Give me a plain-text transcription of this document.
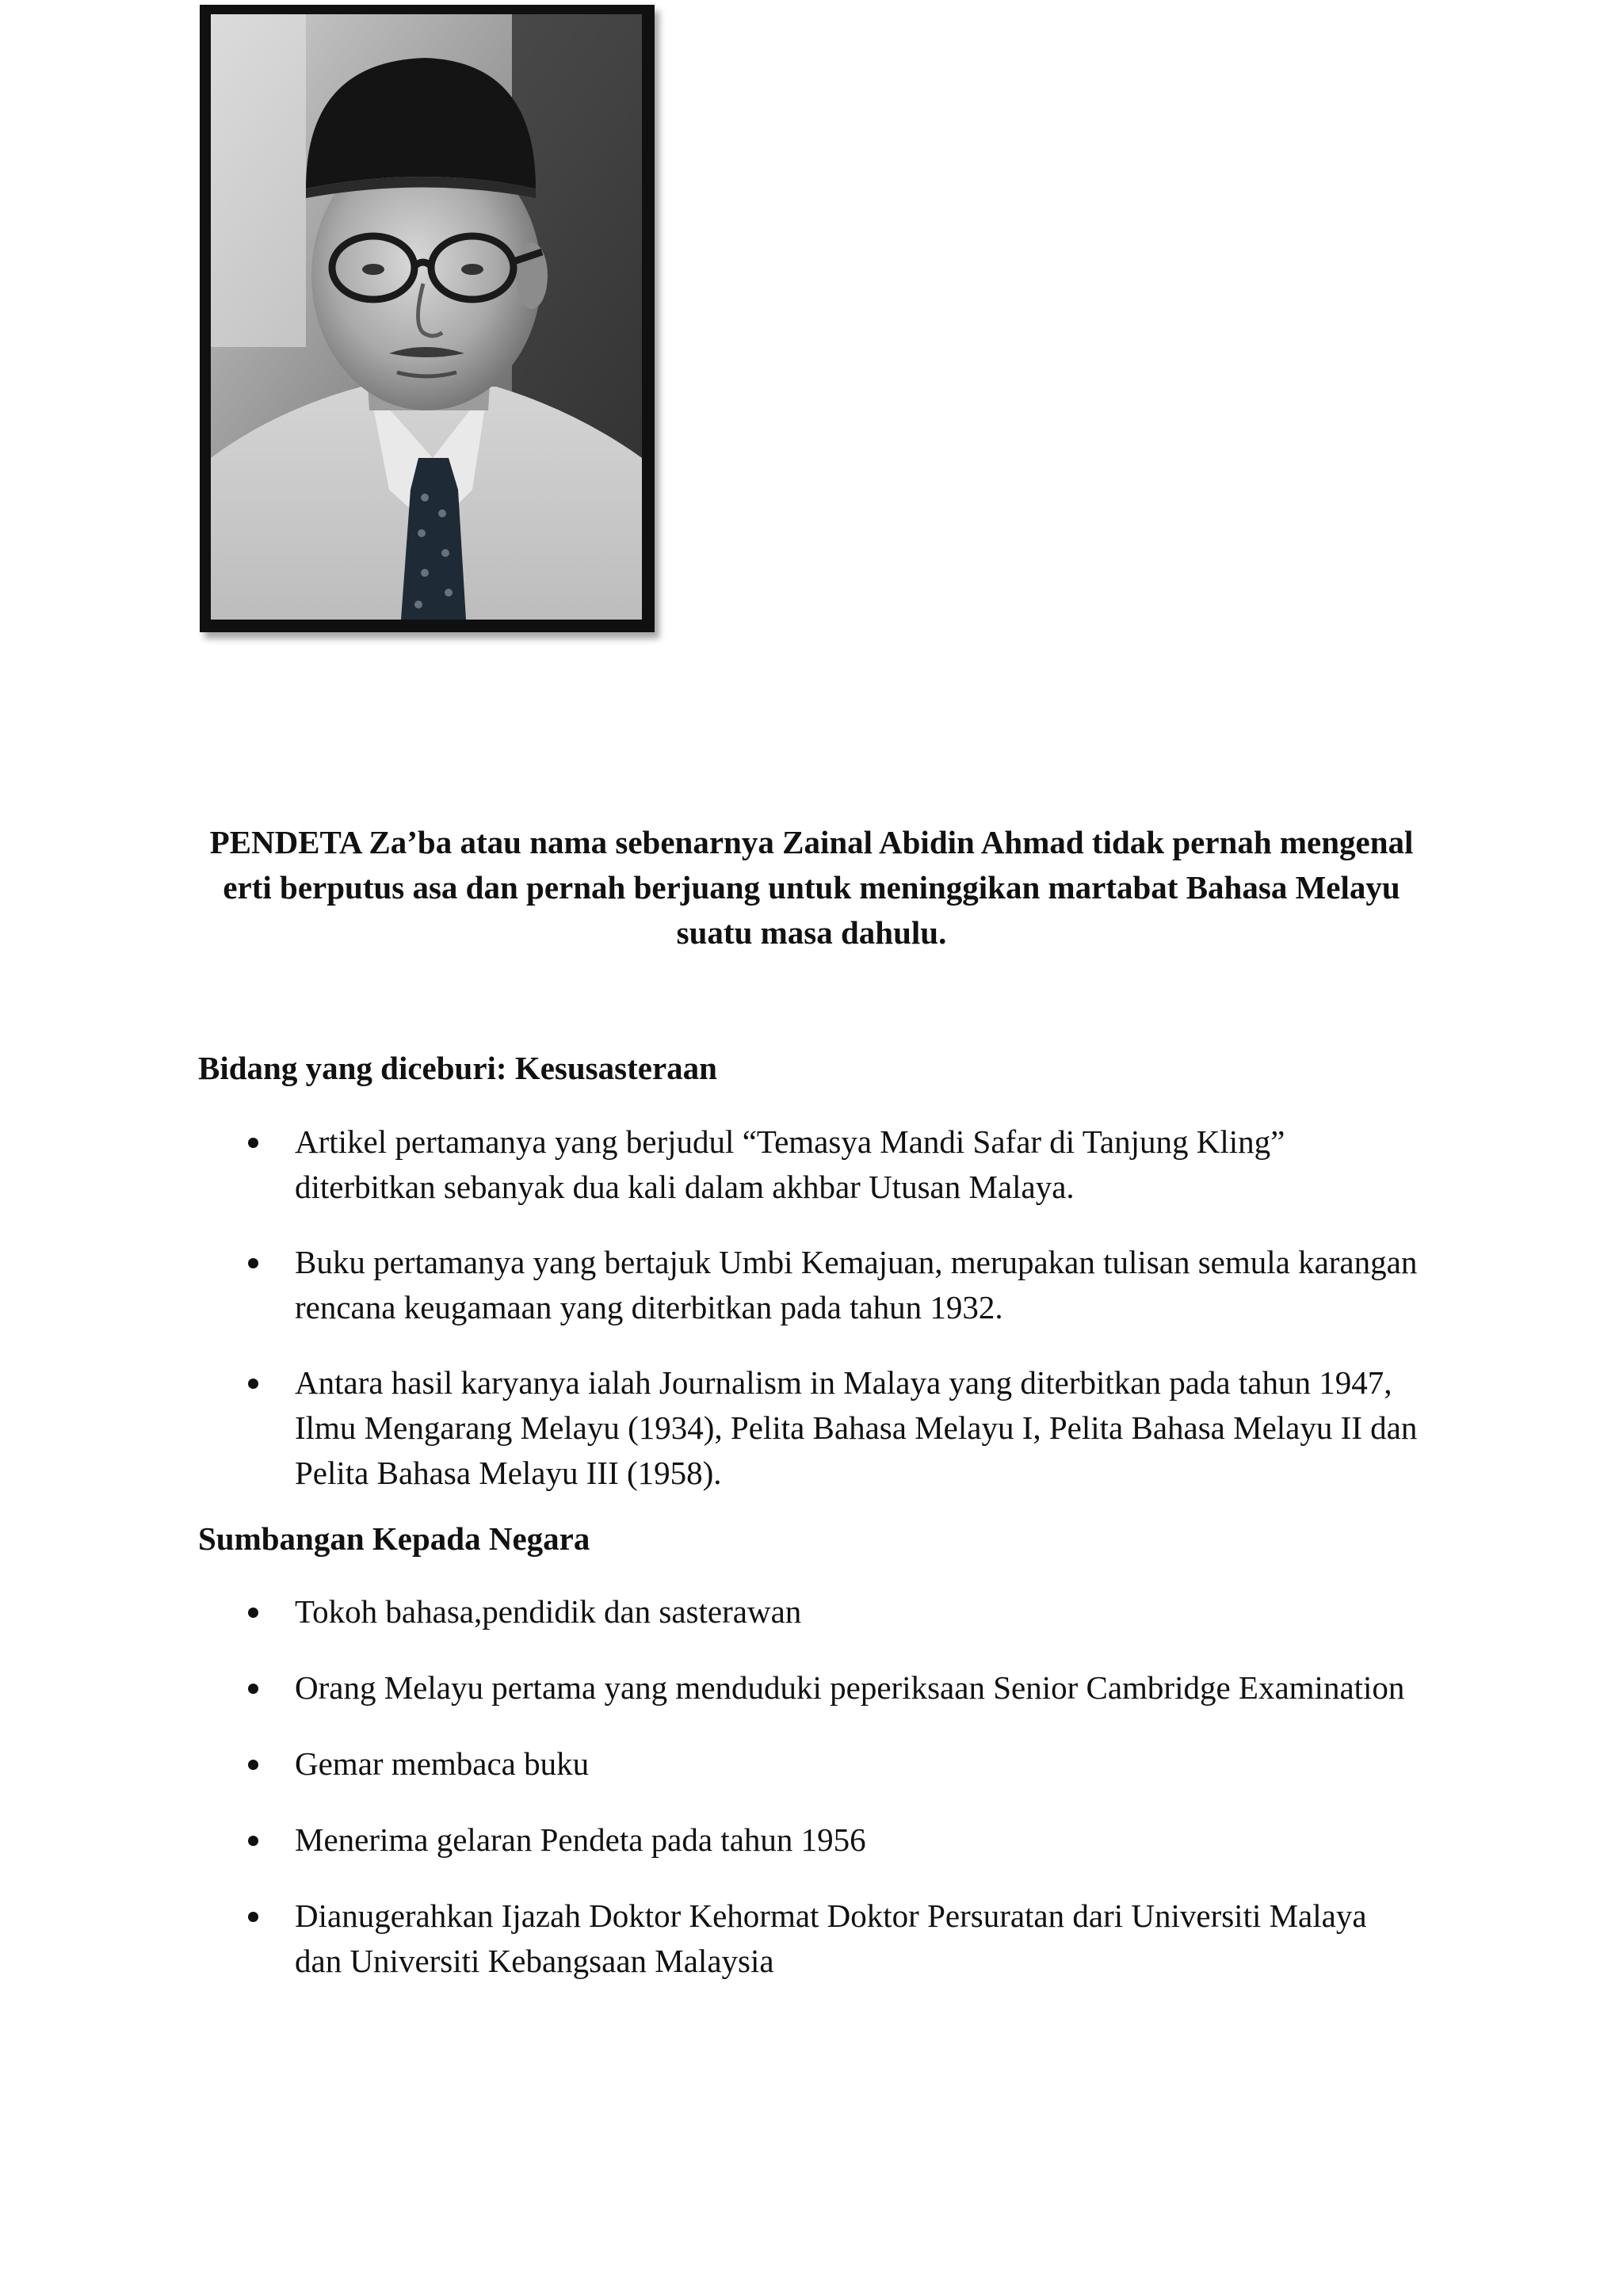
PENDETA Za’ba atau nama sebenarnya Zainal Abidin Ahmad tidak pernah mengenal

erti berputus asa dan pernah berjuang untuk meninggikan martabat Bahasa Melayu

suatu masa dahulu.

Bidang yang diceburi: Kesusasteraan
Artikel pertamanya yang berjudul “Temasya Mandi Safar di Tanjung Kling”
diterbitkan sebanyak dua kali dalam akhbar Utusan Malaya.
Buku pertamanya yang bertajuk Umbi Kemajuan, merupakan tulisan semula karangan
rencana keugamaan yang diterbitkan pada tahun 1932.
Antara hasil karyanya ialah Journalism in Malaya yang diterbitkan pada tahun 1947,
Ilmu Mengarang Melayu (1934), Pelita Bahasa Melayu I, Pelita Bahasa Melayu II dan
Pelita Bahasa Melayu III (1958).
Sumbangan Kepada Negara
Tokoh bahasa,pendidik dan sasterawan
Orang Melayu pertama yang menduduki peperiksaan Senior Cambridge Examination
Gemar membaca buku
Menerima gelaran Pendeta pada tahun 1956
Dianugerahkan Ijazah Doktor Kehormat Doktor Persuratan dari Universiti Malaya
dan Universiti Kebangsaan Malaysia
